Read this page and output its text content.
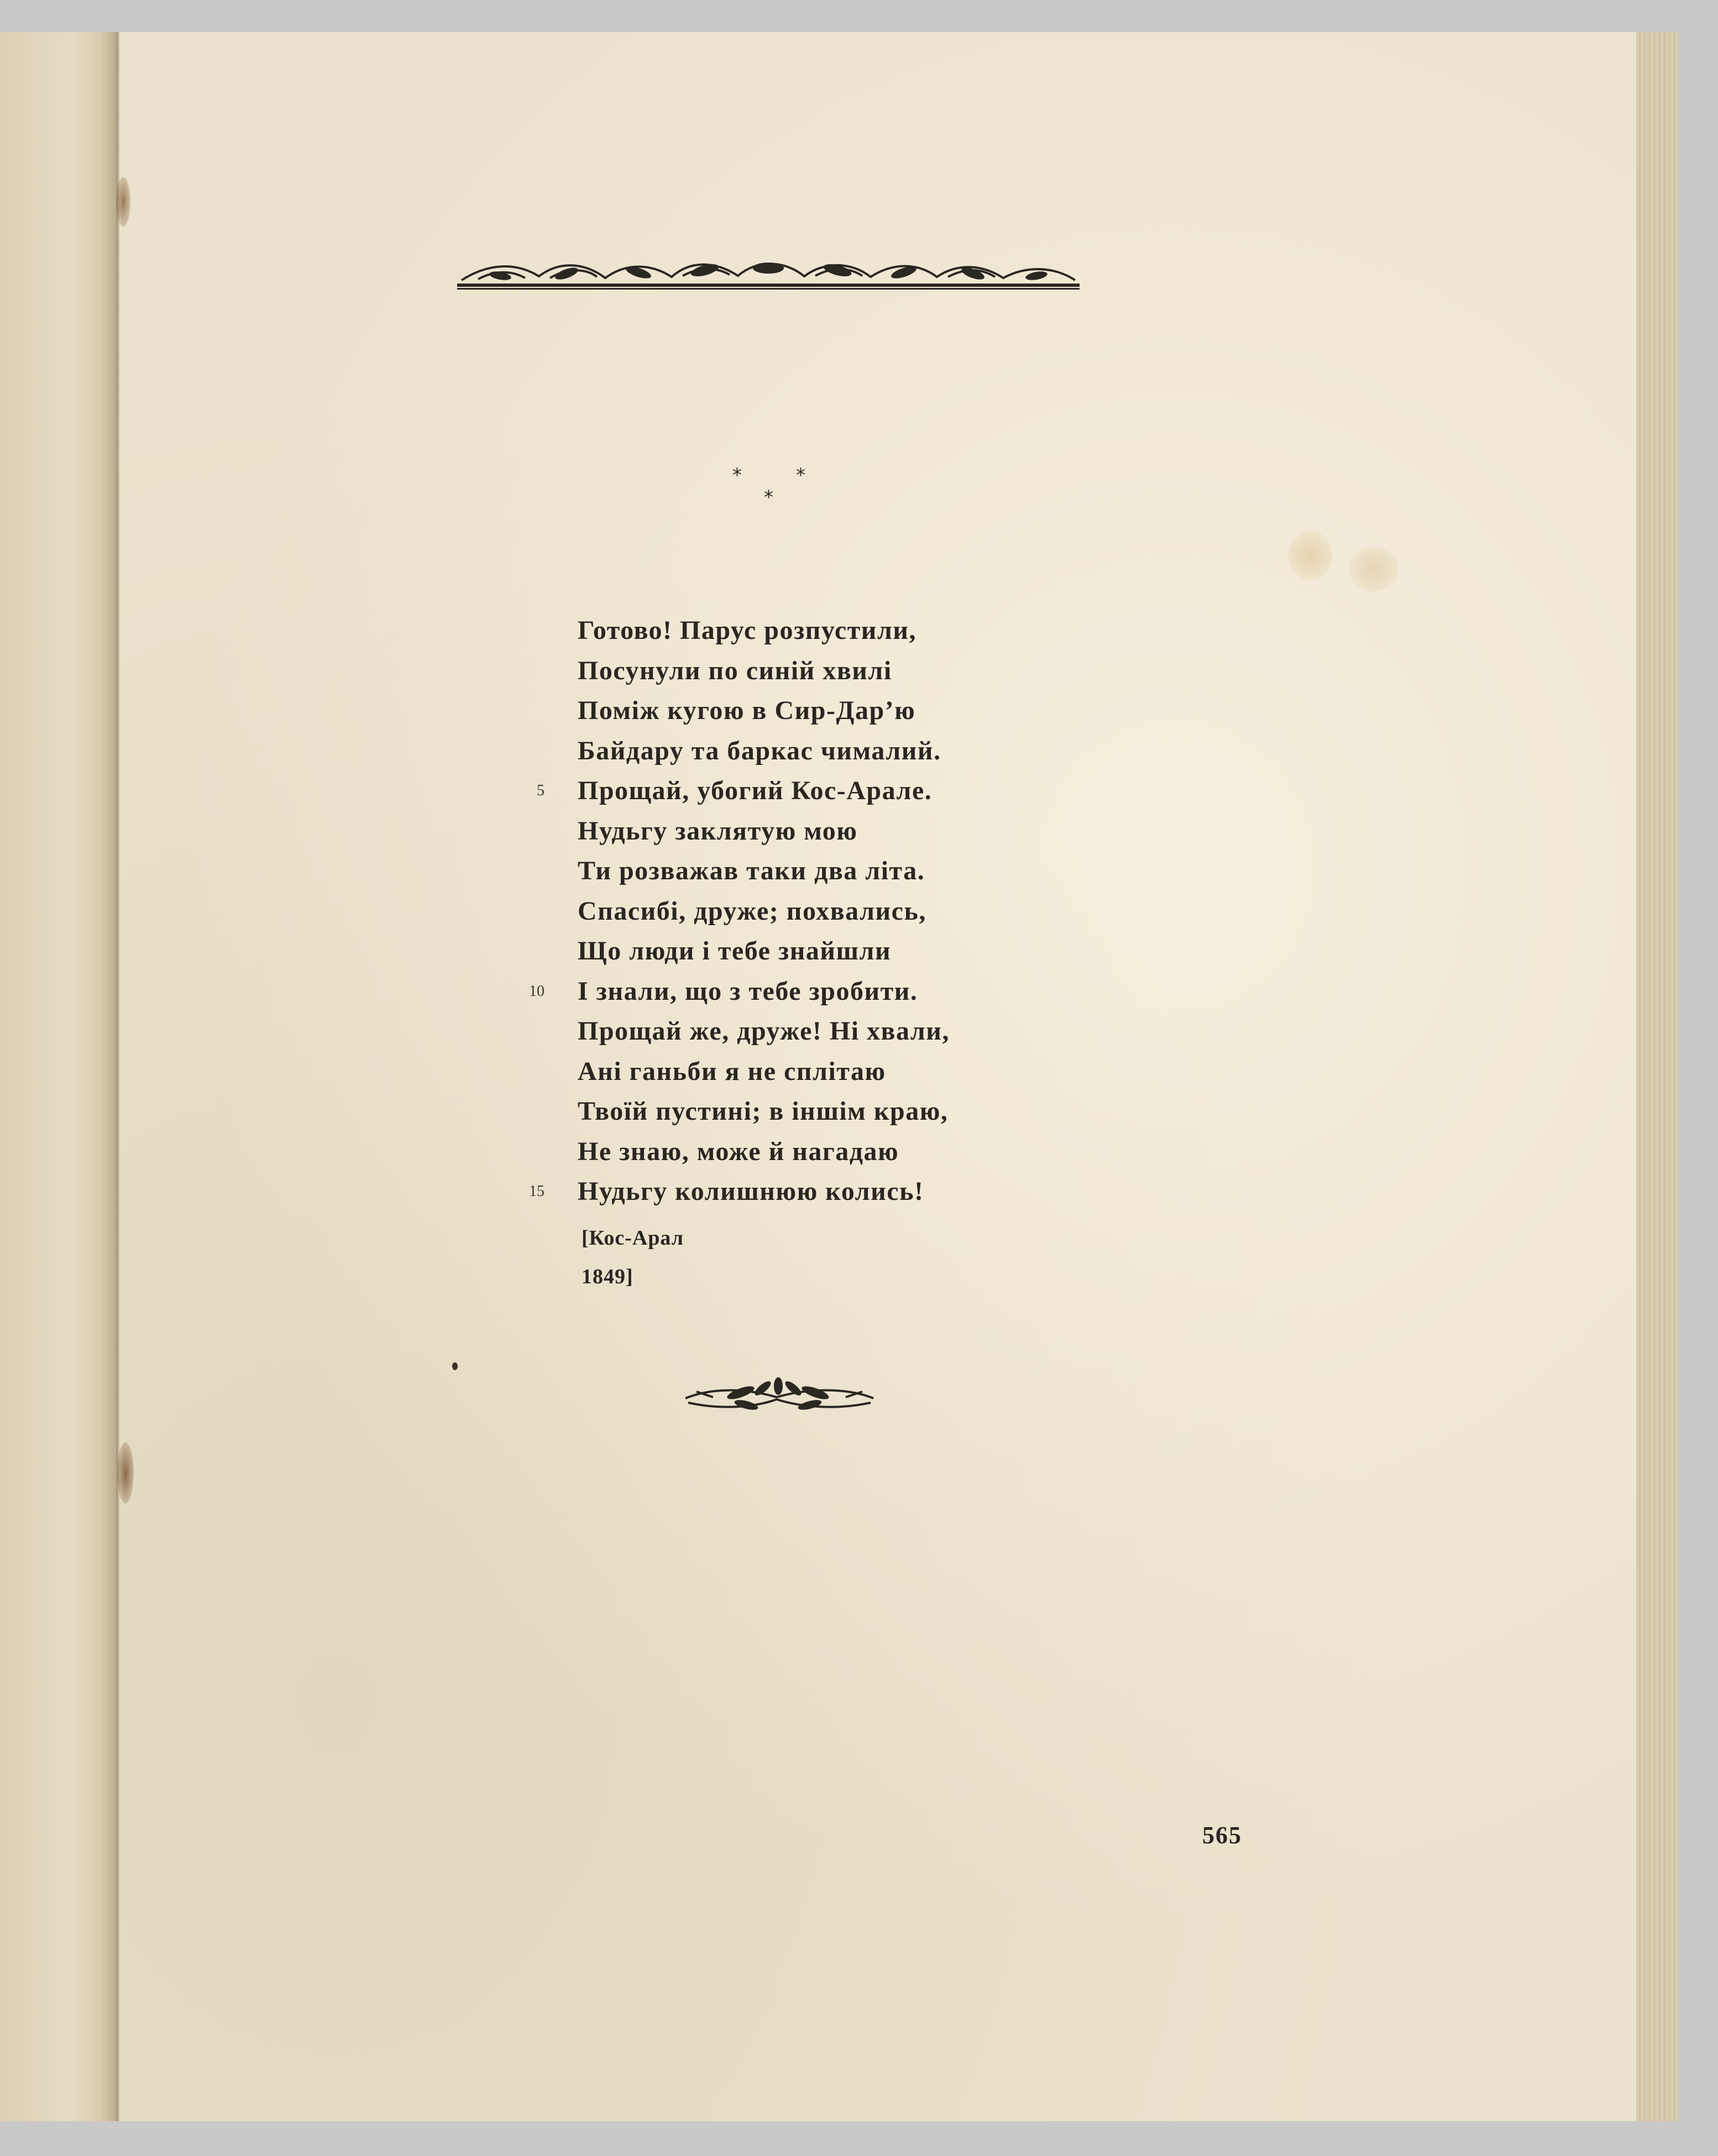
*	*
*
Готово! Парус розпустили,
Посунули по синій хвилі
Поміж кугою в Сир-Дар’ю
Байдару та баркас чималий.
5 Прощай, убогий Кос-Арале.
Нудьгу заклятую мою
Ти розважав таки два літа.
Спасибі, друже; похвались,
Що люди і тебе знайшли
10 І знали, що з тебе зробити.
Прощай же, друже! Ні хвали,
Ані ганьби я не сплітаю
Твоїй пустині; в іншім краю,
Не знаю, може й нагадаю
15 Нудьгу колишнюю колись!
[Кос-Арал
1849]
565
